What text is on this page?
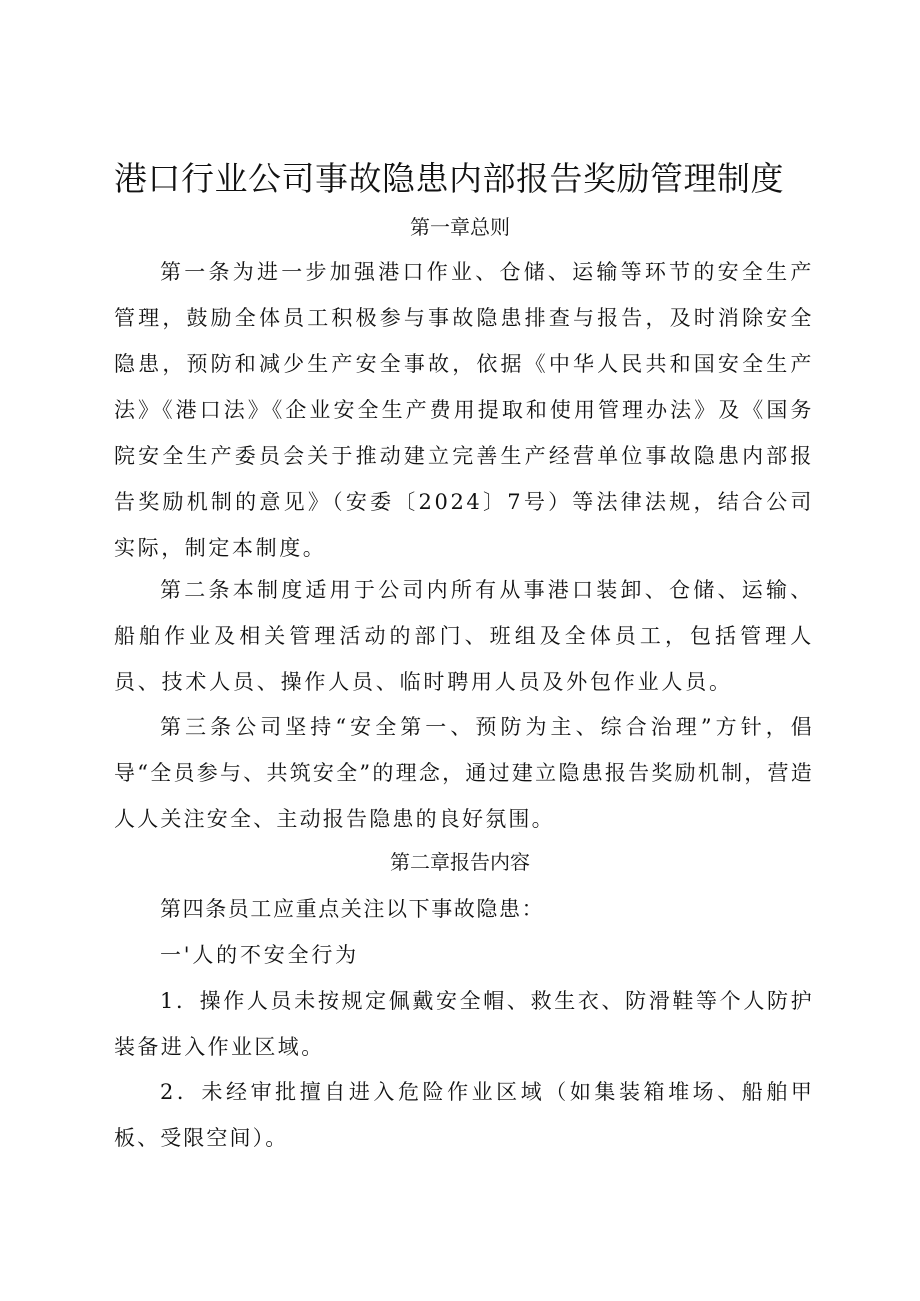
港口行业公司事故隐患内部报告奖励管理制度
第一章总则

第一条为进一步加强港口作业、仓储、运输等环节的安全生产管理，鼓励全体员工积极参与事故隐患排查与报告，及时消除安全隐患，预防和减少生产安全事故，依据《中华人民共和国安全生产法》《港口法》《企业安全生产费用提取和使用管理办法》及《国务院安全生产委员会关于推动建立完善生产经营单位事故隐患内部报告奖励机制的意见》（安委〔2024〕7号）等法律法规，结合公司实际，制定本制度。

第二条本制度适用于公司内所有从事港口装卸、仓储、运输、船舶作业及相关管理活动的部门、班组及全体员工，包括管理人员、技术人员、操作人员、临时聘用人员及外包作业人员。

第三条公司坚持“安全第一、预防为主、综合治理”方针，倡导“全员参与、共筑安全”的理念，通过建立隐患报告奖励机制，营造人人关注安全、主动报告隐患的良好氛围。

第二章报告内容

第四条员工应重点关注以下事故隐患：

一'人的不安全行为

1．操作人员未按规定佩戴安全帽、救生衣、防滑鞋等个人防护装备进入作业区域。

2．未经审批擅自进入危险作业区域（如集装箱堆场、船舶甲板、受限空间）。
